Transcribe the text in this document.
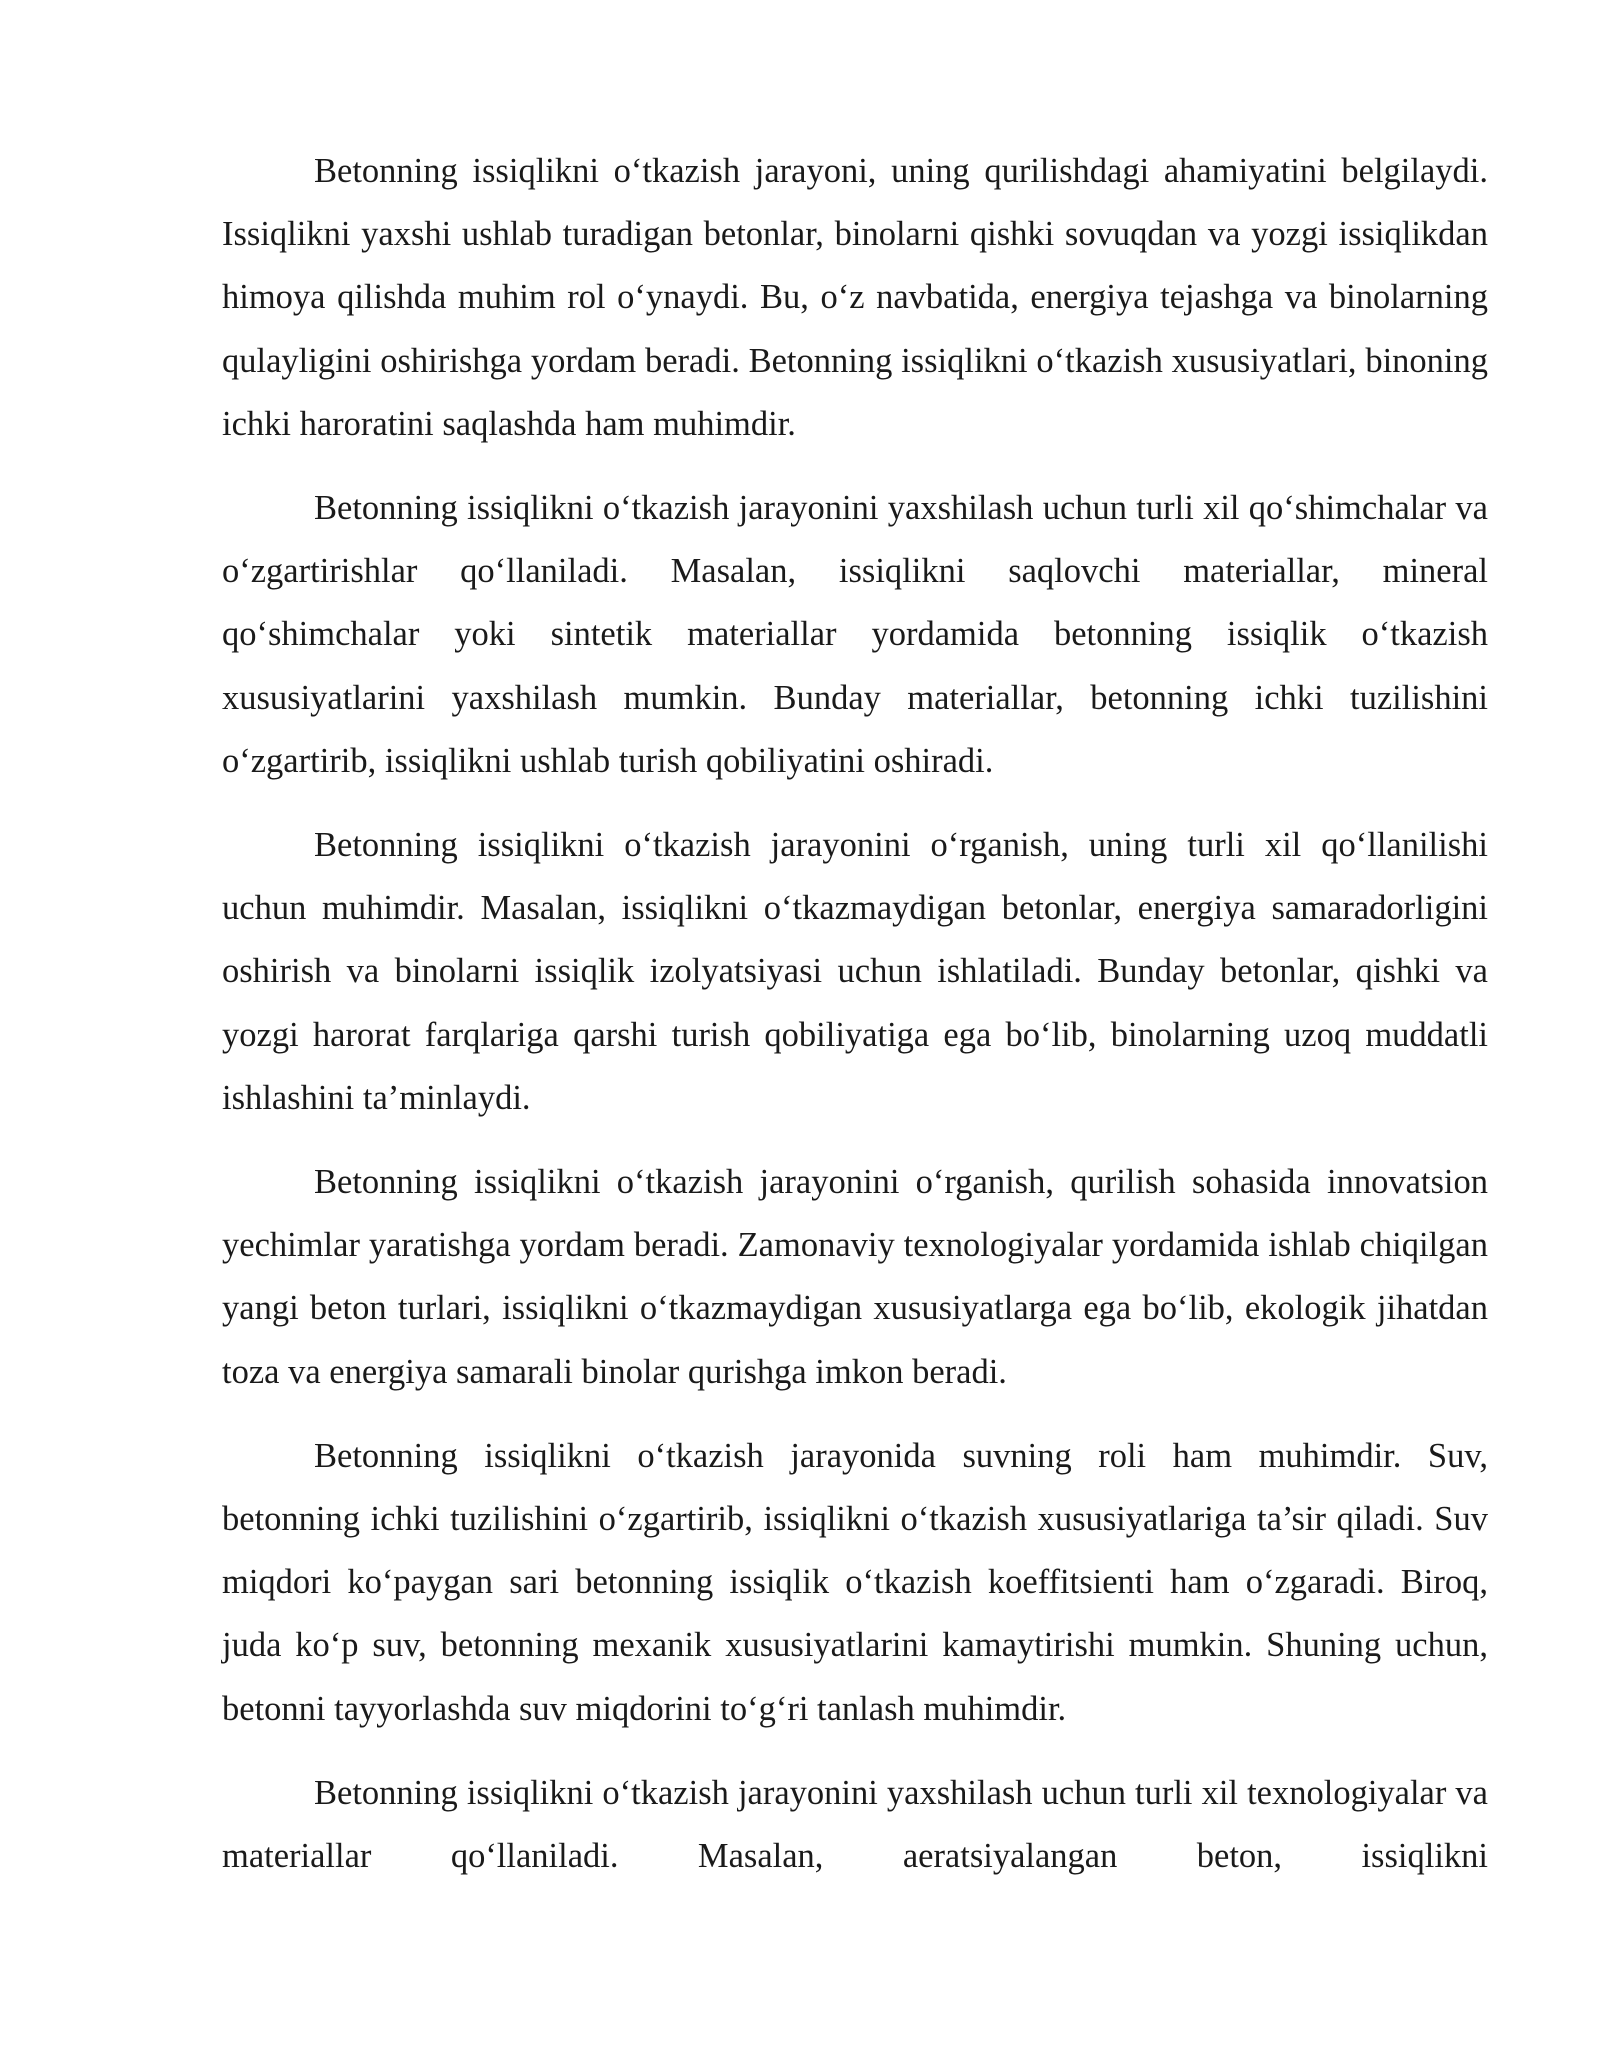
Betonning issiqlikni o‘tkazish jarayoni, uning qurilishdagi ahamiyatini belgilaydi. Issiqlikni yaxshi ushlab turadigan betonlar, binolarni qishki sovuqdan va yozgi issiqlikdan himoya qilishda muhim rol o‘ynaydi. Bu, o‘z navbatida, energiya tejashga va binolarning qulayligini oshirishga yordam beradi. Betonning issiqlikni o‘tkazish xususiyatlari, binoning ichki haroratini saqlashda ham muhimdir.

Betonning issiqlikni o‘tkazish jarayonini yaxshilash uchun turli xil qo‘shimchalar va o‘zgartirishlar qo‘llaniladi. Masalan, issiqlikni saqlovchi materiallar, mineral qo‘shimchalar yoki sintetik materiallar yordamida betonning issiqlik o‘tkazish xususiyatlarini yaxshilash mumkin. Bunday materiallar, betonning ichki tuzilishini o‘zgartirib, issiqlikni ushlab turish qobiliyatini oshiradi.

Betonning issiqlikni o‘tkazish jarayonini o‘rganish, uning turli xil qo‘llanilishi uchun muhimdir. Masalan, issiqlikni o‘tkazmaydigan betonlar, energiya samaradorligini oshirish va binolarni issiqlik izolyatsiyasi uchun ishlatiladi. Bunday betonlar, qishki va yozgi harorat farqlariga qarshi turish qobiliyatiga ega bo‘lib, binolarning uzoq muddatli ishlashini ta’minlaydi.

Betonning issiqlikni o‘tkazish jarayonini o‘rganish, qurilish sohasida innovatsion yechimlar yaratishga yordam beradi. Zamonaviy texnologiyalar yordamida ishlab chiqilgan yangi beton turlari, issiqlikni o‘tkazmaydigan xususiyatlarga ega bo‘lib, ekologik jihatdan toza va energiya samarali binolar qurishga imkon beradi.

Betonning issiqlikni o‘tkazish jarayonida suvning roli ham muhimdir. Suv, betonning ichki tuzilishini o‘zgartirib, issiqlikni o‘tkazish xususiyatlariga ta’sir qiladi. Suv miqdori ko‘paygan sari betonning issiqlik o‘tkazish koeffitsienti ham o‘zgaradi. Biroq, juda ko‘p suv, betonning mexanik xususiyatlarini kamaytirishi mumkin. Shuning uchun, betonni tayyorlashda suv miqdorini to‘g‘ri tanlash muhimdir.

Betonning issiqlikni o‘tkazish jarayonini yaxshilash uchun turli xil texnologiyalar va materiallar qo‘llaniladi. Masalan, aeratsiyalangan beton, issiqlikni
